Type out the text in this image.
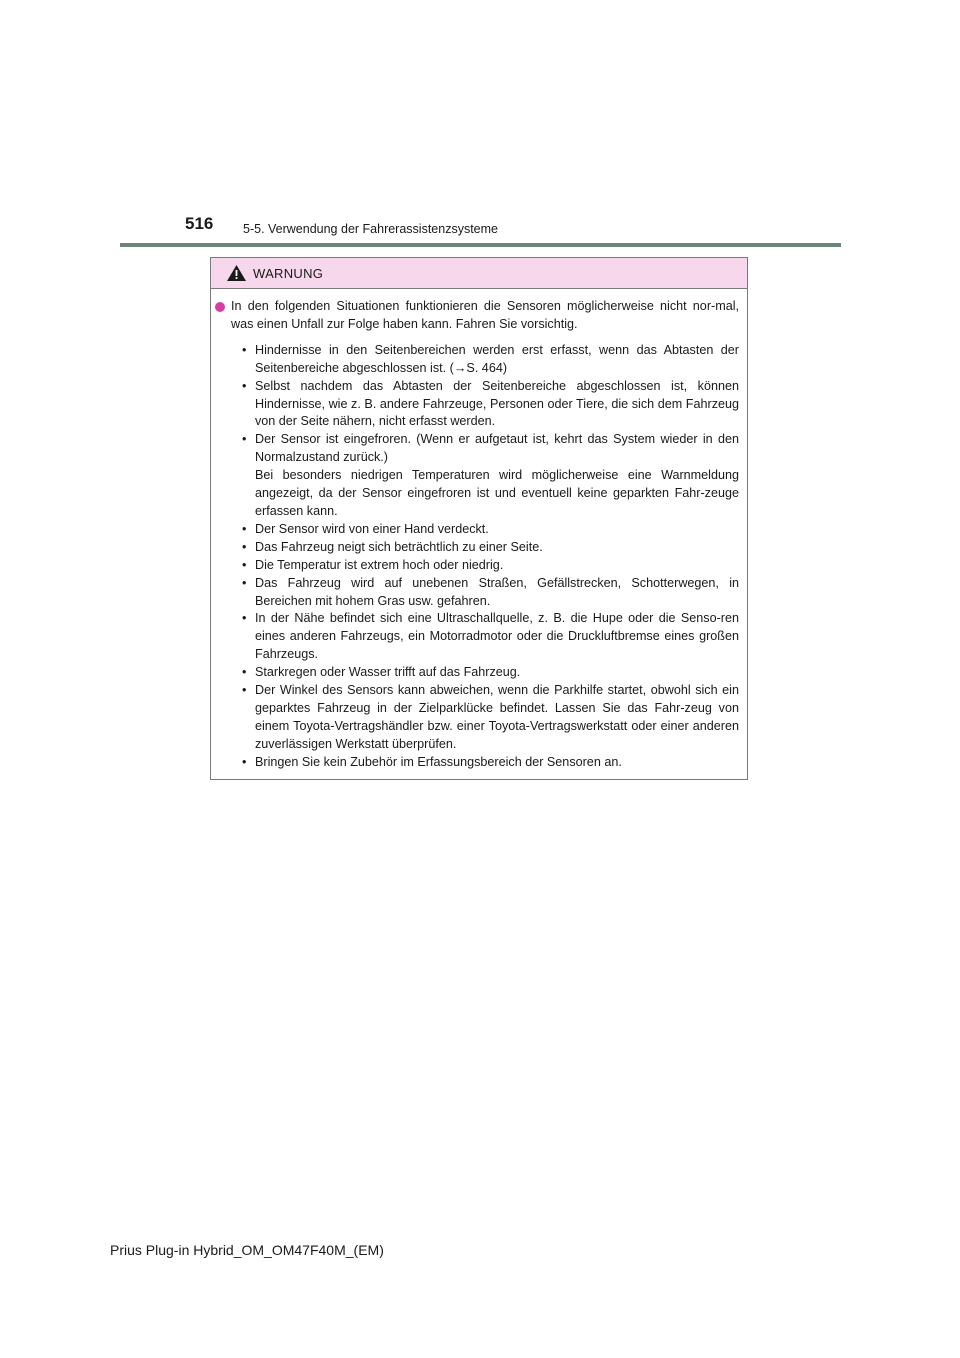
516 5-5. Verwendung der Fahrerassistenzsysteme
WARNUNG
In den folgenden Situationen funktionieren die Sensoren möglicherweise nicht nor-mal, was einen Unfall zur Folge haben kann. Fahren Sie vorsichtig.
• Hindernisse in den Seitenbereichen werden erst erfasst, wenn das Abtasten der Seitenbereiche abgeschlossen ist. (→S. 464)
• Selbst nachdem das Abtasten der Seitenbereiche abgeschlossen ist, können Hindernisse, wie z. B. andere Fahrzeuge, Personen oder Tiere, die sich dem Fahrzeug von der Seite nähern, nicht erfasst werden.
• Der Sensor ist eingefroren. (Wenn er aufgetaut ist, kehrt das System wieder in den Normalzustand zurück.)
Bei besonders niedrigen Temperaturen wird möglicherweise eine Warnmeldung angezeigt, da der Sensor eingefroren ist und eventuell keine geparkten Fahr-zeuge erfassen kann.
• Der Sensor wird von einer Hand verdeckt.
• Das Fahrzeug neigt sich beträchtlich zu einer Seite.
• Die Temperatur ist extrem hoch oder niedrig.
• Das Fahrzeug wird auf unebenen Straßen, Gefällstrecken, Schotterwegen, in Bereichen mit hohem Gras usw. gefahren.
• In der Nähe befindet sich eine Ultraschallquelle, z. B. die Hupe oder die Senso-ren eines anderen Fahrzeugs, ein Motorradmotor oder die Druckluftbremse eines großen Fahrzeugs.
• Starkregen oder Wasser trifft auf das Fahrzeug.
• Der Winkel des Sensors kann abweichen, wenn die Parkhilfe startet, obwohl sich ein geparktes Fahrzeug in der Zielparklücke befindet. Lassen Sie das Fahr-zeug von einem Toyota-Vertragshändler bzw. einer Toyota-Vertragswerkstatt oder einer anderen zuverlässigen Werkstatt überprüfen.
• Bringen Sie kein Zubehör im Erfassungsbereich der Sensoren an.
Prius Plug-in Hybrid_OM_OM47F40M_(EM)
